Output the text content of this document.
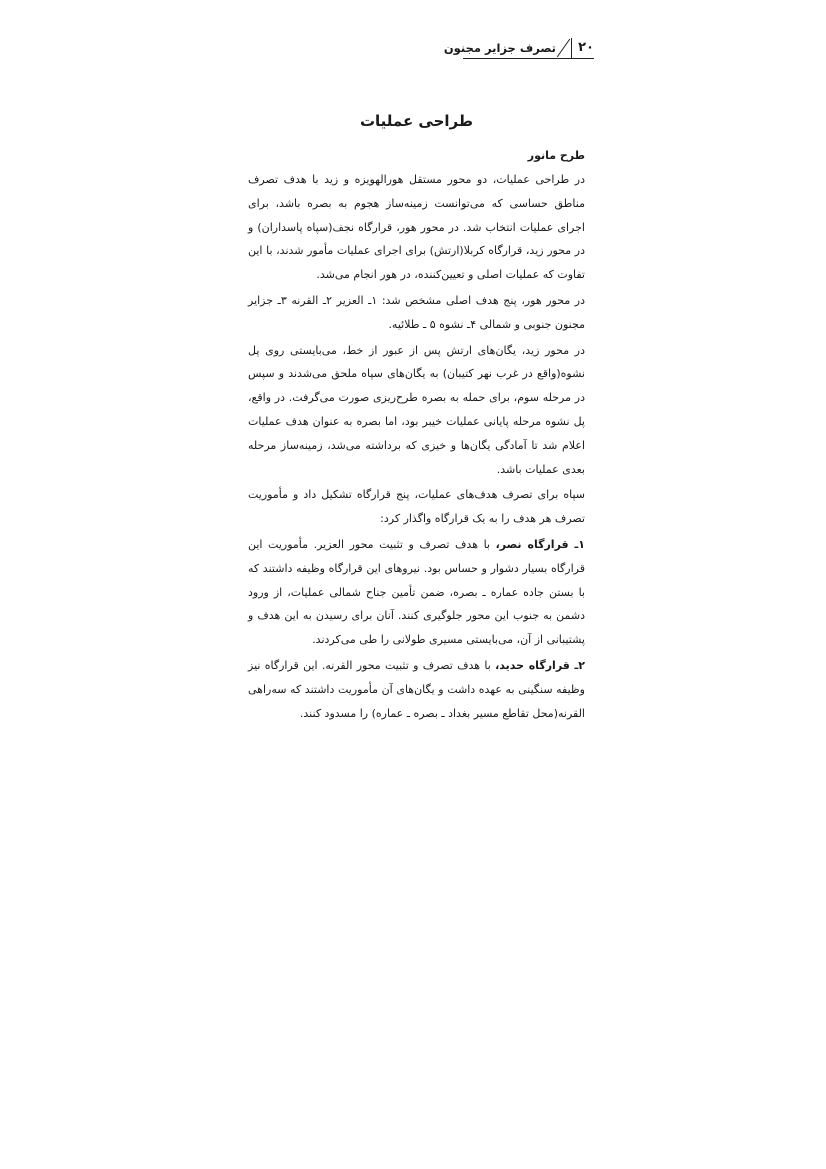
۲۰
تصرف جزایر مجنون
طراحی عملیات
طرح مانور

در طراحی عملیات، دو محور مستقل هورالهویزه و زید با هدف تصرف مناطق حساسی که می‌توانست زمینه‌ساز هجوم به بصره باشد، برای اجرای عملیات انتخاب شد. در محور هور، قرارگاه نجف(سپاه پاسداران) و در محور زید، قرارگاه کربلا(ارتش) برای اجرای عملیات مأمور شدند، با این تفاوت که عملیات اصلی و تعیین‌کننده، در هور انجام می‌شد.

در محور هور، پنج هدف اصلی مشخص شد: ۱ـ العزیر ۲ـ القرنه ۳ـ جزایر مجنون جنوبی و شمالی ۴ـ نشوه ۵ ـ طلائیه.

در محور زید، یگان‌های ارتش پس از عبور از خط، می‌بایستی روی پل نشوه(واقع در غرب نهر کتیبان) به یگان‌های سپاه ملحق می‌شدند و سپس در مرحله سوم، برای حمله به بصره طرح‌ریزی صورت می‌گرفت. در واقع، پل نشوه مرحله پایانی عملیات خیبر بود، اما بصره به عنوان هدف عملیات اعلام شد تا آمادگی یگان‌ها و خیزی که برداشته می‌شد، زمینه‌ساز مرحله بعدی عملیات باشد.

سپاه برای تصرف هدف‌های عملیات، پنج قرارگاه تشکیل داد و مأموریت تصرف هر هدف را به یک قرارگاه واگذار کرد:

۱ـ قرارگاه نصر، با هدف تصرف و تثبیت محور العزیر. مأموریت این قرارگاه بسیار دشوار و حساس بود. نیروهای این قرارگاه وظیفه داشتند که با بستن جاده عماره ـ بصره، ضمن تأمین جناح شمالی عملیات، از ورود دشمن به جنوب این محور جلوگیری کنند. آنان برای رسیدن به این هدف و پشتیبانی از آن، می‌بایستی مسیری طولانی را طی می‌کردند.

۲ـ قرارگاه حدید، با هدف تصرف و تثبیت محور القرنه. این قرارگاه نیز وظیفه سنگینی به عهده داشت و یگان‌های آن مأموریت داشتند که سه‌راهی القرنه(محل تقاطع مسیر بغداد ـ بصره ـ عماره) را مسدود کنند.
